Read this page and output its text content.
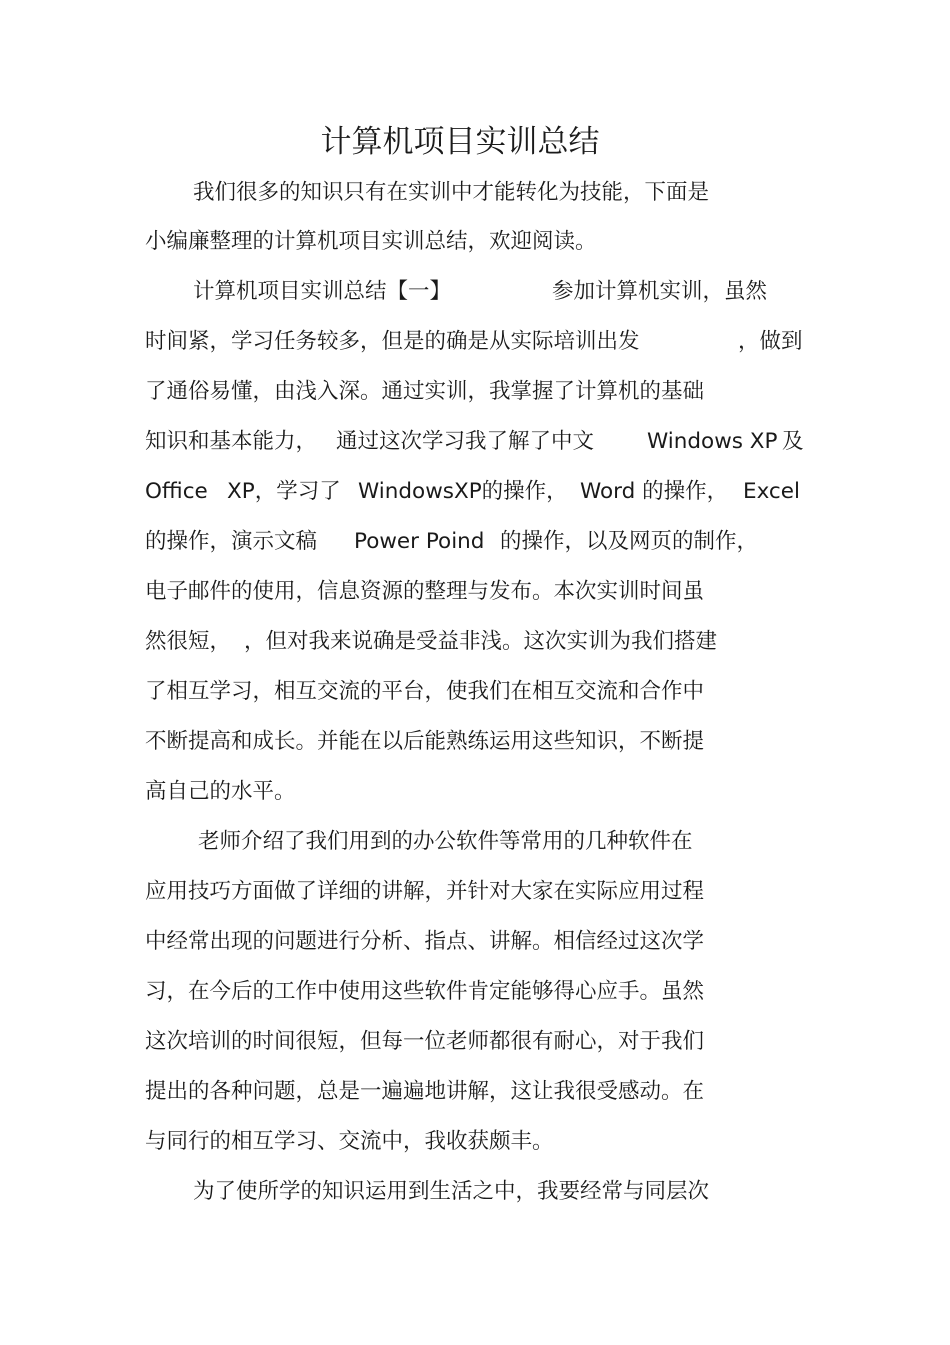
计算机项目实训总结
我们很多的知识只有在实训中才能转化为技能，下面是
小编廉整理的计算机项目实训总结，欢迎阅读。
计算机项目实训总结【一】	参加计算机实训，虽然
时间紧，学习任务较多，但是的确是从实际培训出发	，做到
了通俗易懂，由浅入深。通过实训，我掌握了计算机的基础
知识和基本能力， 通过这次学习我了解了中文 Windows XP 及
Office XP，学习了 WindowsXP的操作， Word 的操作， Excel
的操作，演示文稿 Power Poind 的操作，以及网页的制作，
电子邮件的使用，信息资源的整理与发布。本次实训时间虽
然很短， ，但对我来说确是受益非浅。这次实训为我们搭建
了相互学习，相互交流的平台，使我们在相互交流和合作中
不断提高和成长。并能在以后能熟练运用这些知识，不断提
高自己的水平。
老师介绍了我们用到的办公软件等常用的几种软件在
应用技巧方面做了详细的讲解，并针对大家在实际应用过程
中经常出现的问题进行分析、指点、讲解。相信经过这次学
习，在今后的工作中使用这些软件肯定能够得心应手。虽然
这次培训的时间很短，但每一位老师都很有耐心，对于我们
提出的各种问题，总是一遍遍地讲解，这让我很受感动。在
与同行的相互学习、交流中，我收获颇丰。
为了使所学的知识运用到生活之中，我要经常与同层次
